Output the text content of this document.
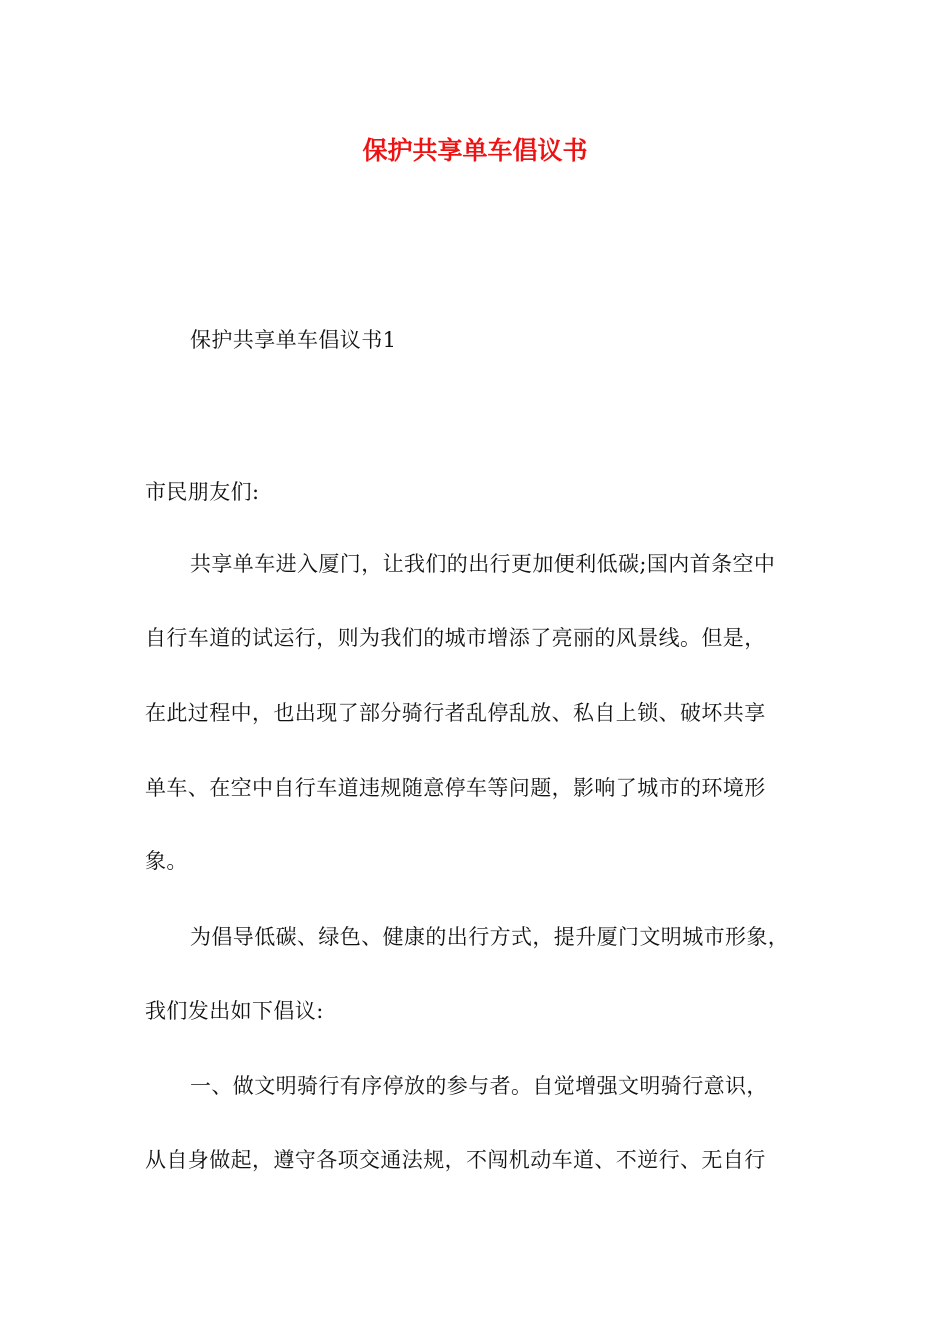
保护共享单车倡议书

保护共享单车倡议书1

市民朋友们:

共享单车进入厦门，让我们的出行更加便利低碳;国内首条空中

自行车道的试运行，则为我们的城市增添了亮丽的风景线。但是，

在此过程中，也出现了部分骑行者乱停乱放、私自上锁、破坏共享

单车、在空中自行车道违规随意停车等问题，影响了城市的环境形

象。

为倡导低碳、绿色、健康的出行方式，提升厦门文明城市形象，

我们发出如下倡议:

一、做文明骑行有序停放的参与者。自觉增强文明骑行意识，

从自身做起，遵守各项交通法规，不闯机动车道、不逆行、无自行
